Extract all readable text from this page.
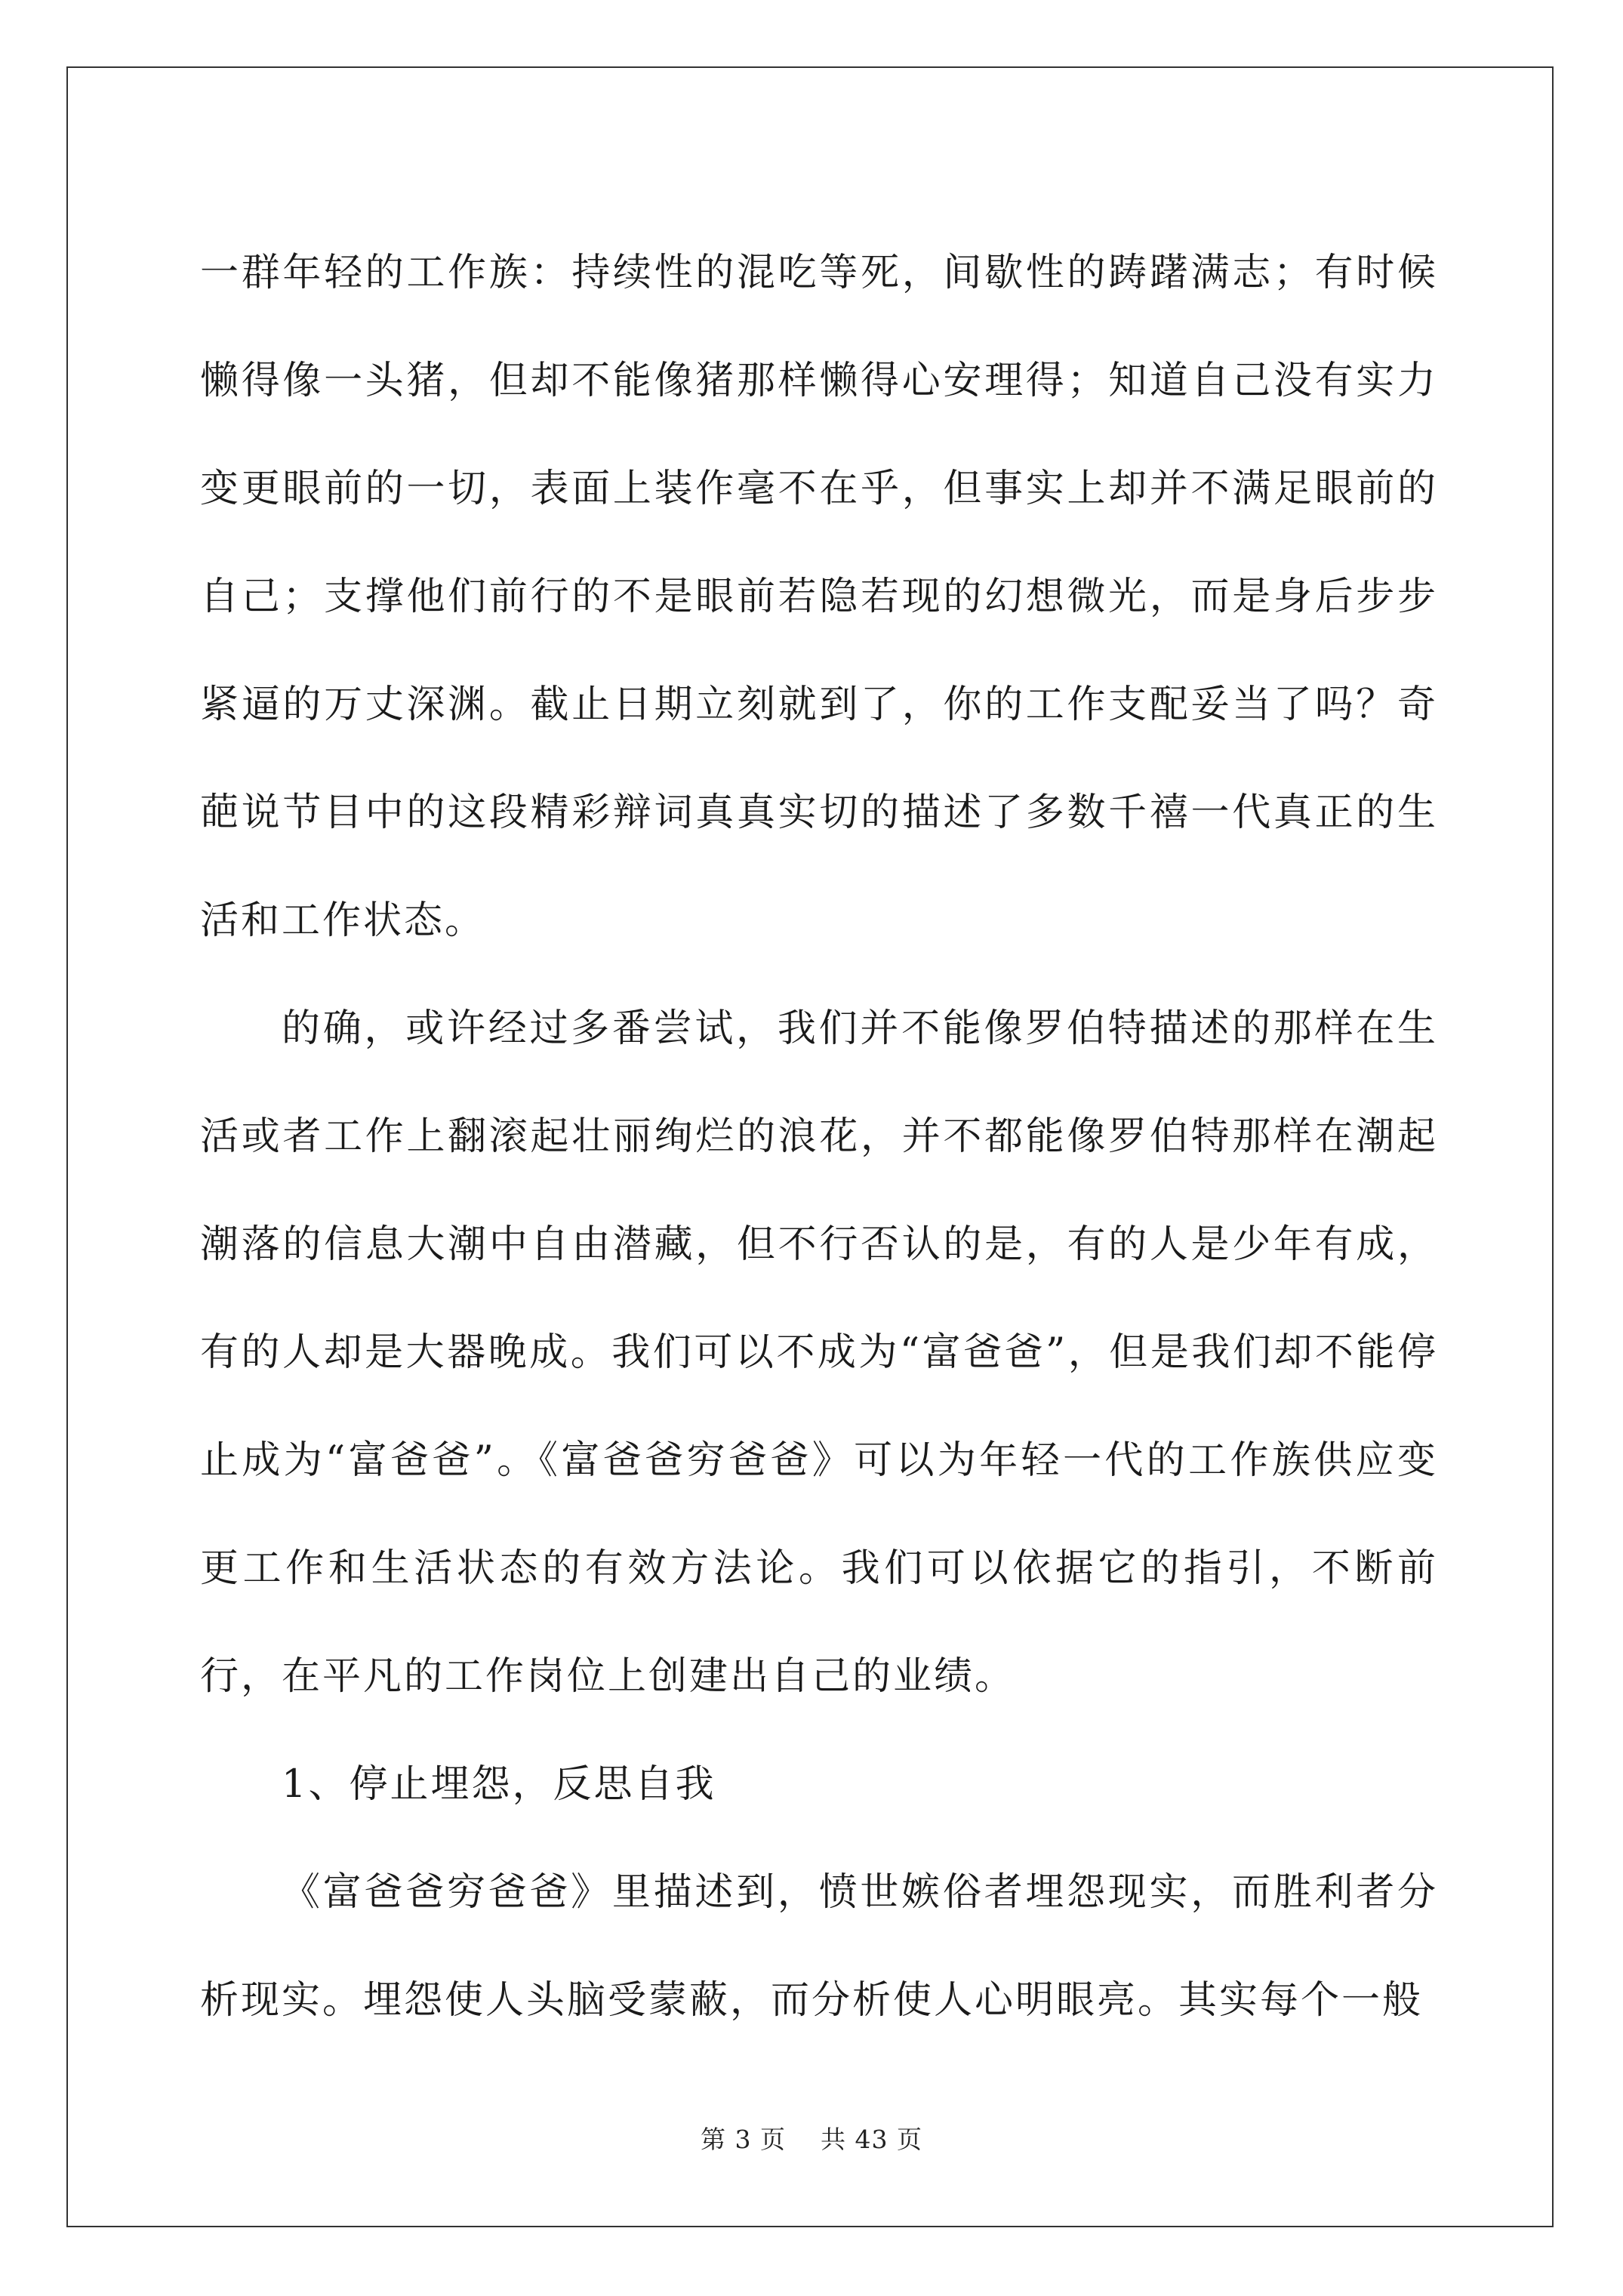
一群年轻的工作族：持续性的混吃等死，间歇性的踌躇满志；有时候懒得像一头猪，但却不能像猪那样懒得心安理得；知道自己没有实力变更眼前的一切，表面上装作毫不在乎，但事实上却并不满足眼前的自己；支撑他们前行的不是眼前若隐若现的幻想微光，而是身后步步紧逼的万丈深渊。截止日期立刻就到了，你的工作支配妥当了吗？奇葩说节目中的这段精彩辩词真真实切的描述了多数千禧一代真正的生活和工作状态。

的确，或许经过多番尝试，我们并不能像罗伯特描述的那样在生活或者工作上翻滚起壮丽绚烂的浪花，并不都能像罗伯特那样在潮起潮落的信息大潮中自由潜藏，但不行否认的是，有的人是少年有成，有的人却是大器晚成。我们可以不成为“富爸爸”，但是我们却不能停止成为“富爸爸”。《富爸爸穷爸爸》可以为年轻一代的工作族供应变更工作和生活状态的有效方法论。我们可以依据它的指引，不断前行，在平凡的工作岗位上创建出自己的业绩。

1、停止埋怨，反思自我

《富爸爸穷爸爸》里描述到，愤世嫉俗者埋怨现实，而胜利者分析现实。埋怨使人头脑受蒙蔽，而分析使人心明眼亮。其实每个一般

第 3 页 共 43 页
